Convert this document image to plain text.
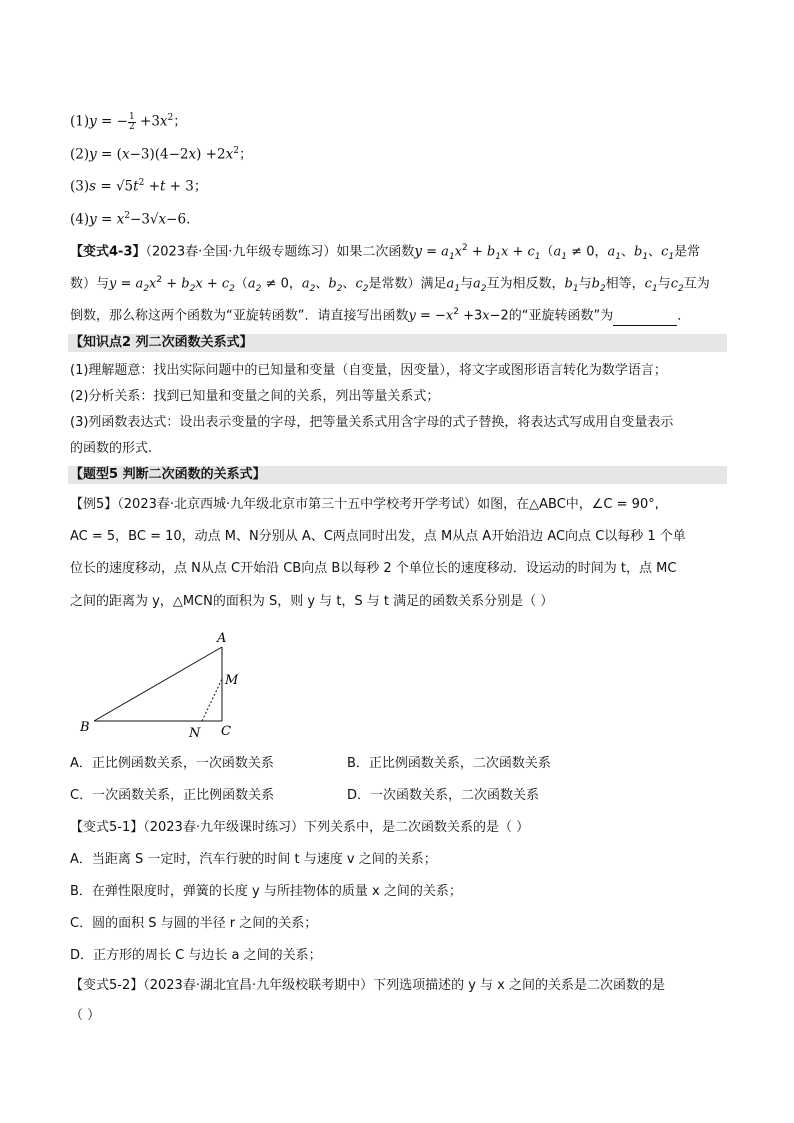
(1)y = − $\frac{1}{2} +3x^2$；
$(2)y = (x-3)(4-2x) +2x^2$；
$(3)s = √5t^2 +t + 3$；
$(4)y = x^2-3√x-6$．
【变式4-3】（2023春·全国·九年级专题练习）如果二次函数$y = a_1x^2 + b_1x + c_1(a_1 \ne 0$，$a_1$、$b_1$、$c_1$是常
数）与$y = a_2x^2 + b_2x + c_2(a_2 \ne 0$，$a_2$、$b_2$、$c_2$是常数）满足$a_1$与$a_2$互为相反数，$b_1$与$b_2$相等，$c_1$与$c_2$互为
倒数，那么称这两个函数为“亚旋转函数”．请直接写出函数$y = -x^2 +3x-2$的“亚旋转函数”为	．
【知识点2 列二次函数关系式】
(1)理解题意：找出实际问题中的已知量和变量（自变量，因变量），将文字或图形语言转化为数学语言；
(2)分析关系：找到已知量和变量之间的关系，列出等量关系式；
(3)列函数表达式：设出表示变量的字母，把等量关系式用含字母的式子替换，将表达式写成用自变量表示
的函数的形式.
【题型5 判断二次函数的关系式】
【例5】（2023春·北京西城·九年级北京市第三十五中学校考开学考试）如图，在△ABC中，∠C = 90°,
AC = 5，BC = 10，动点 M、N分别从 A、C两点同时出发，点 M从点 A开始沿边 AC向点 C以每秒 1 个单
位长的速度移动，点 N从点 C开始沿 CB向点 B以每秒 2 个单位长的速度移动．设运动的时间为 t，点 MC
之间的距离为 y，△MCN的面积为 S，则 y 与 t，S 与 t 满足的函数关系分别是（ ）
A
M
B	N C
A．正比例函数关系，一次函数关系	B．正比例函数关系，二次函数关系
C．一次函数关系，正比例函数关系	D．一次函数关系，二次函数关系
【变式5-1】（2023春·九年级课时练习）下列关系中，是二次函数关系的是（ ）
A．当距离 S 一定时，汽车行驶的时间 t 与速度 v 之间的关系；
B．在弹性限度时，弹簧的长度 y 与所挂物体的质量 x 之间的关系；
C．圆的面积 S 与圆的半径 r 之间的关系；
D．正方形的周长 C 与边长 a 之间的关系；
【变式5-2】（2023春·湖北宜昌·九年级校联考期中）下列选项描述的 y 与 x 之间的关系是二次函数的是
（ ）
